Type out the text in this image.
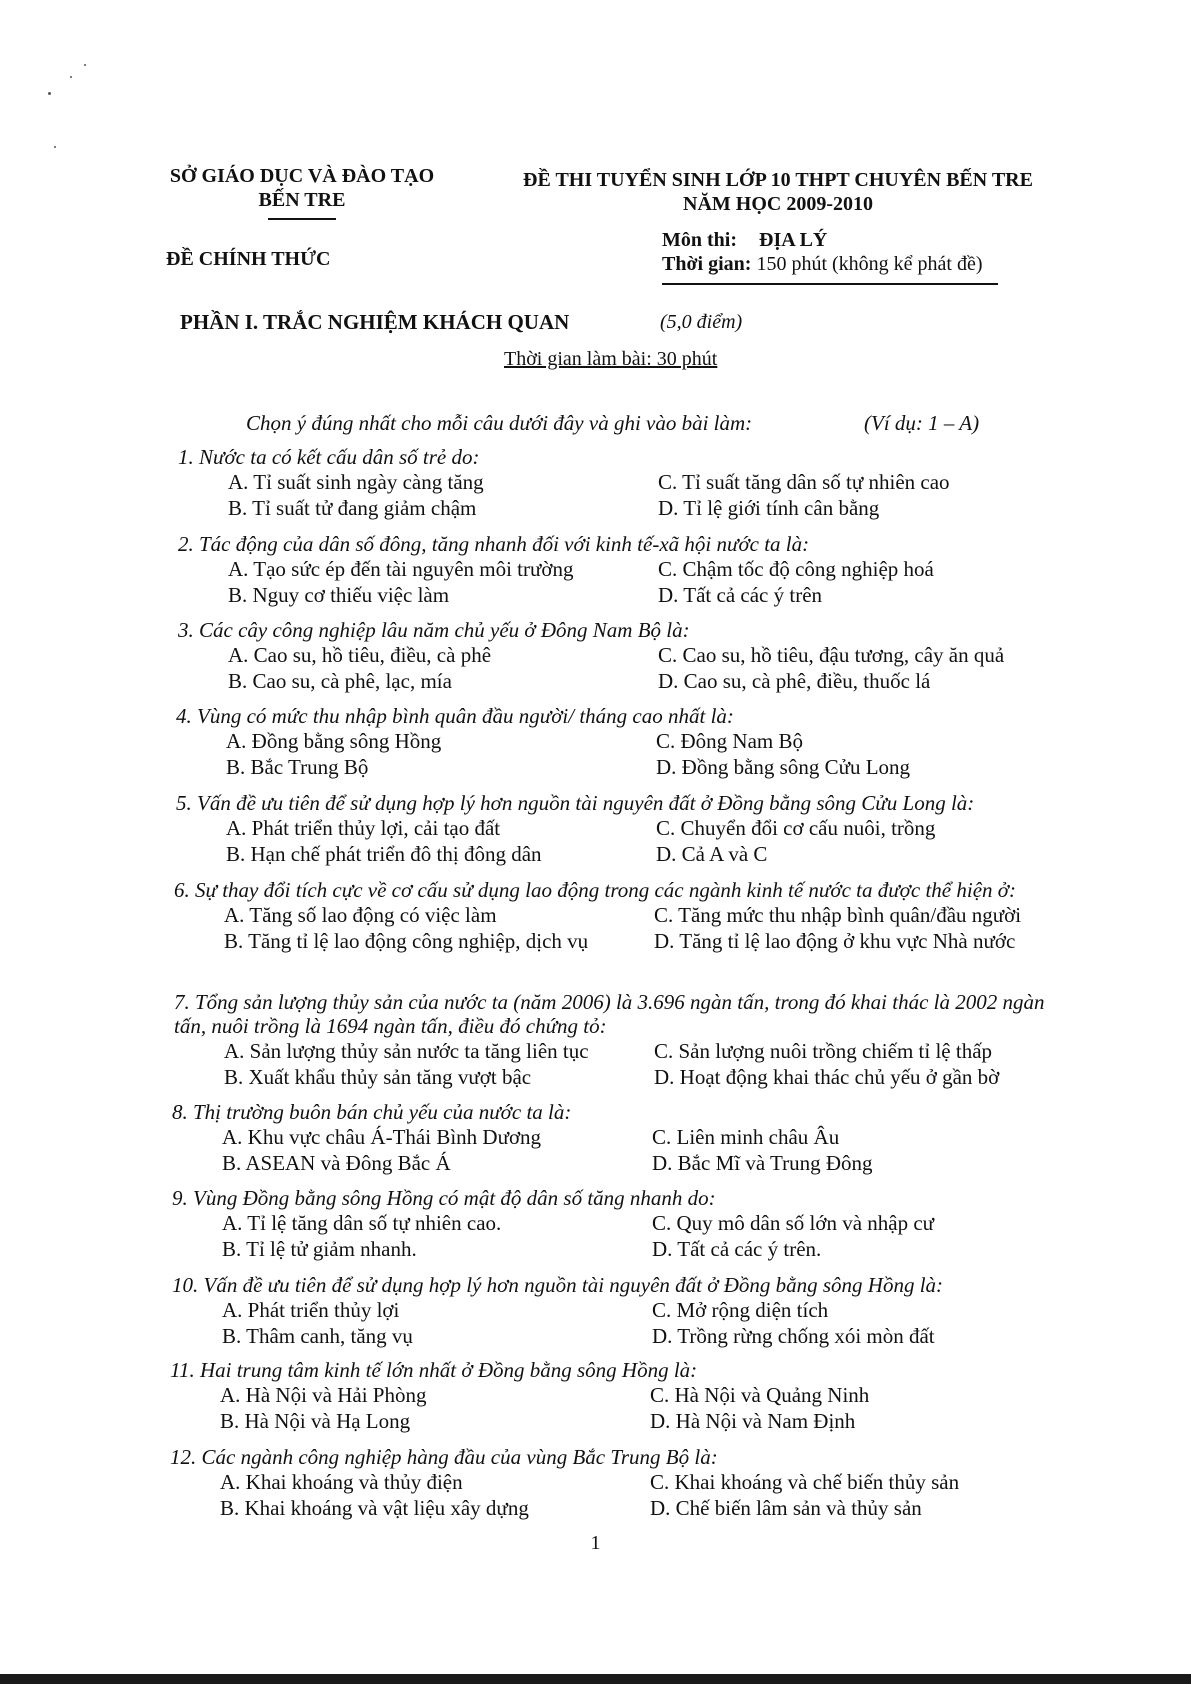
SỞ GIÁO DỤC VÀ ĐÀO TẠO
BẾN TRE
ĐỀ CHÍNH THỨC
ĐỀ THI TUYỂN SINH LỚP 10 THPT CHUYÊN BẾN TRE
NĂM HỌC 2009-2010
Môn thi: ĐỊA LÝ
Thời gian: 150 phút (không kể phát đề)
PHẦN I. TRẮC NGHIỆM KHÁCH QUAN	(5,0 điểm)
Thời gian làm bài: 30 phút
Chọn ý đúng nhất cho mỗi câu dưới đây và ghi vào bài làm:	(Ví dụ: 1 – A)
1. Nước ta có kết cấu dân số trẻ do:
A. Tỉ suất sinh ngày càng tăng	C. Tỉ suất tăng dân số tự nhiên cao
B. Tỉ suất tử đang giảm chậm	D. Tỉ lệ giới tính cân bằng
2. Tác động của dân số đông, tăng nhanh đối với kinh tế-xã hội nước ta là:
A. Tạo sức ép đến tài nguyên môi trường	C. Chậm tốc độ công nghiệp hoá
B. Nguy cơ thiếu việc làm	D. Tất cả các ý trên
3. Các cây công nghiệp lâu năm chủ yếu ở Đông Nam Bộ là:
A. Cao su, hồ tiêu, điều, cà phê	C. Cao su, hồ tiêu, đậu tương, cây ăn quả
B. Cao su, cà phê, lạc, mía	D. Cao su, cà phê, điều, thuốc lá
4. Vùng có mức thu nhập bình quân đầu người/ tháng cao nhất là:
A. Đồng bằng sông Hồng	C. Đông Nam Bộ
B. Bắc Trung Bộ	D. Đồng bằng sông Cửu Long
5. Vấn đề ưu tiên để sử dụng hợp lý hơn nguồn tài nguyên đất ở Đồng bằng sông Cửu Long là:
A. Phát triển thủy lợi, cải tạo đất	C. Chuyển đổi cơ cấu nuôi, trồng
B. Hạn chế phát triển đô thị đông dân	D. Cả A và C
6. Sự thay đổi tích cực về cơ cấu sử dụng lao động trong các ngành kinh tế nước ta được thể hiện ở:
A. Tăng số lao động có việc làm	C. Tăng mức thu nhập bình quân/đầu người
B. Tăng tỉ lệ lao động công nghiệp, dịch vụ	D. Tăng tỉ lệ lao động ở khu vực Nhà nước
7. Tổng sản lượng thủy sản của nước ta (năm 2006) là 3.696 ngàn tấn, trong đó khai thác là 2002 ngàn tấn, nuôi trồng là 1694 ngàn tấn, điều đó chứng tỏ:
A. Sản lượng thủy sản nước ta tăng liên tục	C. Sản lượng nuôi trồng chiếm tỉ lệ thấp
B. Xuất khẩu thủy sản tăng vượt bậc	D. Hoạt động khai thác chủ yếu ở gần bờ
8. Thị trường buôn bán chủ yếu của nước ta là:
A. Khu vực châu Á-Thái Bình Dương	C. Liên minh châu Âu
B. ASEAN và Đông Bắc Á	D. Bắc Mĩ và Trung Đông
9. Vùng Đồng bằng sông Hồng có mật độ dân số tăng nhanh do:
A. Tỉ lệ tăng dân số tự nhiên cao.	C. Quy mô dân số lớn và nhập cư
B. Tỉ lệ tử giảm nhanh.	D. Tất cả các ý trên.
10. Vấn đề ưu tiên để sử dụng hợp lý hơn nguồn tài nguyên đất ở Đồng bằng sông Hồng là:
A. Phát triển thủy lợi	C. Mở rộng diện tích
B. Thâm canh, tăng vụ	D. Trồng rừng chống xói mòn đất
11. Hai trung tâm kinh tế lớn nhất ở Đồng bằng sông Hồng là:
A. Hà Nội và Hải Phòng	C. Hà Nội và Quảng Ninh
B. Hà Nội và Hạ Long	D. Hà Nội và Nam Định
12. Các ngành công nghiệp hàng đầu của vùng Bắc Trung Bộ là:
A. Khai khoáng và thủy điện	C. Khai khoáng và chế biến thủy sản
B. Khai khoáng và vật liệu xây dựng	D. Chế biến lâm sản và thủy sản
1
